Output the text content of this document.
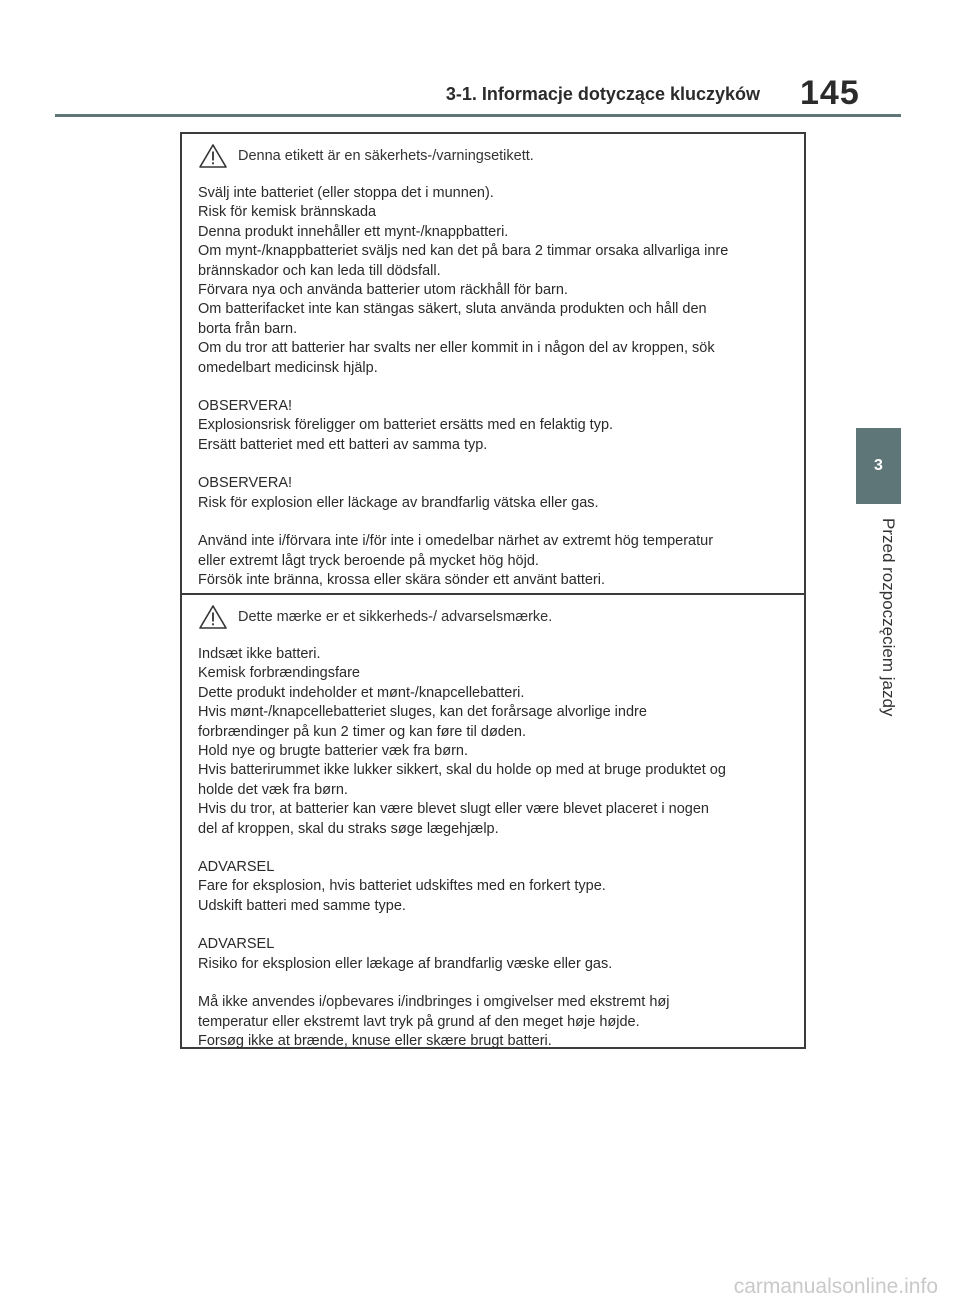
3-1. Informacje dotyczące kluczyków 145
3
Przed rozpoczęciem jazdy
Denna etikett är en säkerhets-/varningsetikett.
Svälj inte batteriet (eller stoppa det i munnen).
Risk för kemisk brännskada
Denna produkt innehåller ett mynt-/knappbatteri.
Om mynt-/knappbatteriet sväljs ned kan det på bara 2 timmar orsaka allvarliga inre
brännskador och kan leda till dödsfall.
Förvara nya och använda batterier utom räckhåll för barn.
Om batterifacket inte kan stängas säkert, sluta använda produkten och håll den
borta från barn.
Om du tror att batterier har svalts ner eller kommit in i någon del av kroppen, sök
omedelbart medicinsk hjälp.
OBSERVERA!
Explosionsrisk föreligger om batteriet ersätts med en felaktig typ.
Ersätt batteriet med ett batteri av samma typ.
OBSERVERA!
Risk för explosion eller läckage av brandfarlig vätska eller gas.
Använd inte i/förvara inte i/för inte i omedelbar närhet av extremt hög temperatur
eller extremt lågt tryck beroende på mycket hög höjd.
Försök inte bränna, krossa eller skära sönder ett använt batteri.
Dette mærke er et sikkerheds-/ advarselsmærke.
Indsæt ikke batteri.
Kemisk forbrændingsfare
Dette produkt indeholder et mønt-/knapcellebatteri.
Hvis mønt-/knapcellebatteriet sluges, kan det forårsage alvorlige indre
forbrændinger på kun 2 timer og kan føre til døden.
Hold nye og brugte batterier væk fra børn.
Hvis batterirummet ikke lukker sikkert, skal du holde op med at bruge produktet og
holde det væk fra børn.
Hvis du tror, at batterier kan være blevet slugt eller være blevet placeret i nogen
del af kroppen, skal du straks søge lægehjælp.
ADVARSEL
Fare for eksplosion, hvis batteriet udskiftes med en forkert type.
Udskift batteri med samme type.
ADVARSEL
Risiko for eksplosion eller lækage af brandfarlig væske eller gas.
Må ikke anvendes i/opbevares i/indbringes i omgivelser med ekstremt høj
temperatur eller ekstremt lavt tryk på grund af den meget høje højde.
Forsøg ikke at brænde, knuse eller skære brugt batteri.
carmanualsonline.info
